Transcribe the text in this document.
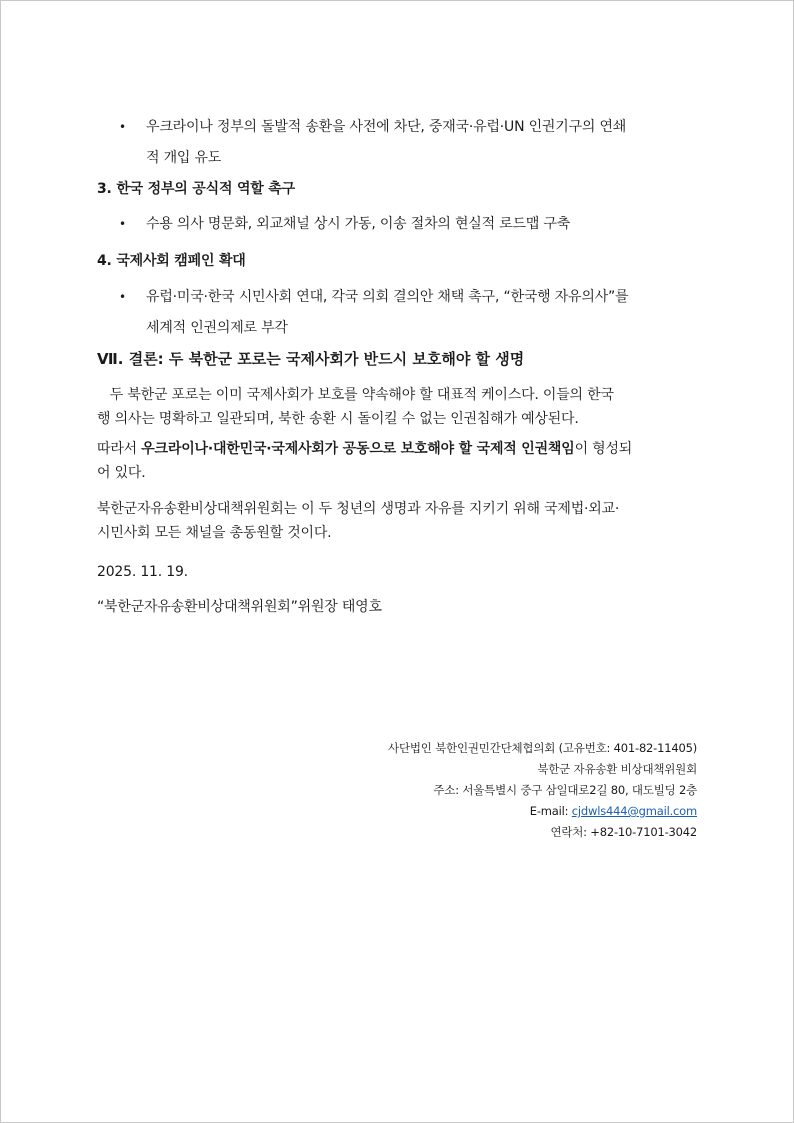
• 우크라이나 정부의 돌발적 송환을 사전에 차단, 중재국·유럽·UN 인권기구의 연쇄
적 개입 유도
3. 한국 정부의 공식적 역할 촉구
• 수용 의사 명문화, 외교채널 상시 가동, 이송 절차의 현실적 로드맵 구축
4. 국제사회 캠페인 확대
• 유럽·미국·한국 시민사회 연대, 각국 의회 결의안 채택 촉구, “한국행 자유의사”를
세계적 인권의제로 부각
Ⅶ. 결론: 두 북한군 포로는 국제사회가 반드시 보호해야 할 생명
두 북한군 포로는 이미 국제사회가 보호를 약속해야 할 대표적 케이스다. 이들의 한국
행 의사는 명확하고 일관되며, 북한 송환 시 돌이킬 수 없는 인권침해가 예상된다.
따라서 우크라이나·대한민국·국제사회가 공동으로 보호해야 할 국제적 인권책임이 형성되
어 있다.
북한군자유송환비상대책위원회는 이 두 청년의 생명과 자유를 지키기 위해 국제법·외교·
시민사회 모든 채널을 총동원할 것이다.
2025. 11. 19.
“북한군자유송환비상대책위원회”위원장 태영호
사단법인 북한인권민간단체협의회 (고유번호: 401-82-11405)
북한군 자유송환 비상대책위원회
주소: 서울특별시 중구 삼일대로2길 80, 대도빌딩 2층
E-mail: cjdwls444@gmail.com
연락처: +82-10-7101-3042
